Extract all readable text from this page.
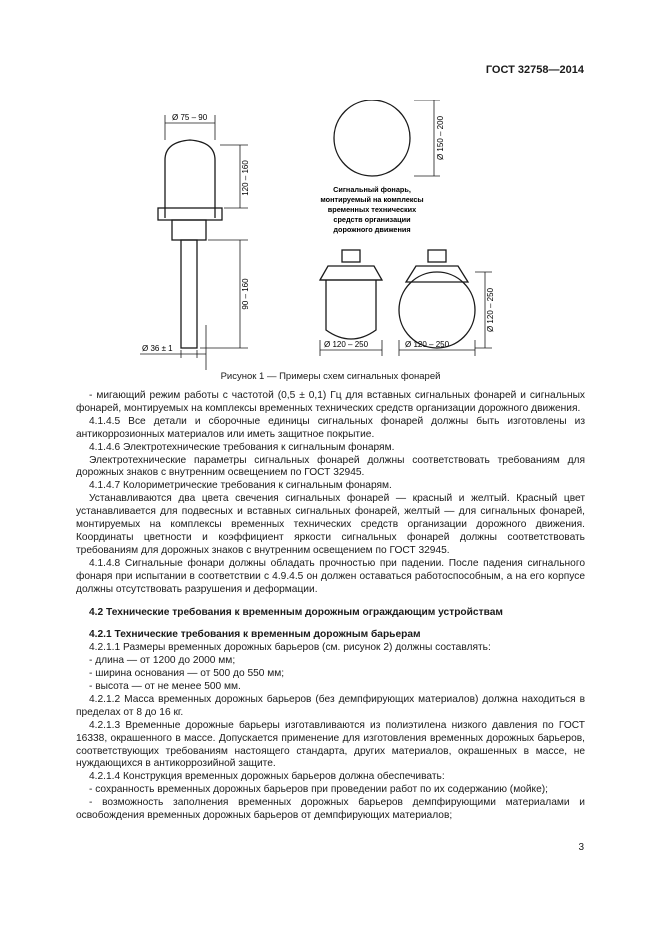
ГОСТ 32758—2014
Ø 75 – 90
120 – 160
90 – 160
Ø 36 ± 1
Ø 150 – 200
Ø 120 – 250	Ø 120 – 250
Ø 120 – 250
Сигнальный фонарь,
монтируемый на комплексы
временных технических
средств организации
дорожного движения
Рисунок 1 — Примеры схем сигнальных фонарей

- мигающий режим работы с частотой (0,5 ± 0,1) Гц для вставных сигнальных фонарей и сигнальных фонарей, монтируемых на комплексы временных технических средств организации дорожного движения.

4.1.4.5 Все детали и сборочные единицы сигнальных фонарей должны быть изготовлены из антикоррозионных материалов или иметь защитное покрытие.

4.1.4.6 Электротехнические требования к сигнальным фонарям.

Электротехнические параметры сигнальных фонарей должны соответствовать требованиям для дорожных знаков с внутренним освещением по ГОСТ 32945.

4.1.4.7 Колориметрические требования к сигнальным фонарям.

Устанавливаются два цвета свечения сигнальных фонарей — красный и желтый. Красный цвет устанавливается для подвесных и вставных сигнальных фонарей, желтый — для сигнальных фонарей, монтируемых на комплексы временных технических средств организации дорожного движения. Координаты цветности и коэффициент яркости сигнальных фонарей должны соответствовать требованиям для дорожных знаков с внутренним освещением по ГОСТ 32945.

4.1.4.8 Сигнальные фонари должны обладать прочностью при падении. После падения сигнального фонаря при испытании в соответствии с 4.9.4.5 он должен оставаться работоспособным, а на его корпусе должны отсутствовать разрушения и деформации.

4.2 Технические требования к временным дорожным ограждающим устройствам

4.2.1 Технические требования к временным дорожным барьерам

4.2.1.1 Размеры временных дорожных барьеров (см. рисунок 2) должны составлять:

- длина — от 1200 до 2000 мм;

- ширина основания — от 500 до 550 мм;

- высота — от не менее 500 мм.

4.2.1.2 Масса временных дорожных барьеров (без демпфирующих материалов) должна находиться в пределах от 8 до 16 кг.

4.2.1.3 Временные дорожные барьеры изготавливаются из полиэтилена низкого давления по ГОСТ 16338, окрашенного в массе. Допускается применение для изготовления временных дорожных барьеров, соответствующих требованиям настоящего стандарта, других материалов, окрашенных в массе, не нуждающихся в антикоррозийной защите.

4.2.1.4 Конструкция временных дорожных барьеров должна обеспечивать:

- сохранность временных дорожных барьеров при проведении работ по их содержанию (мойке);

- возможность заполнения временных дорожных барьеров демпфирующими материалами и освобождения временных дорожных барьеров от демпфирующих материалов;

3
